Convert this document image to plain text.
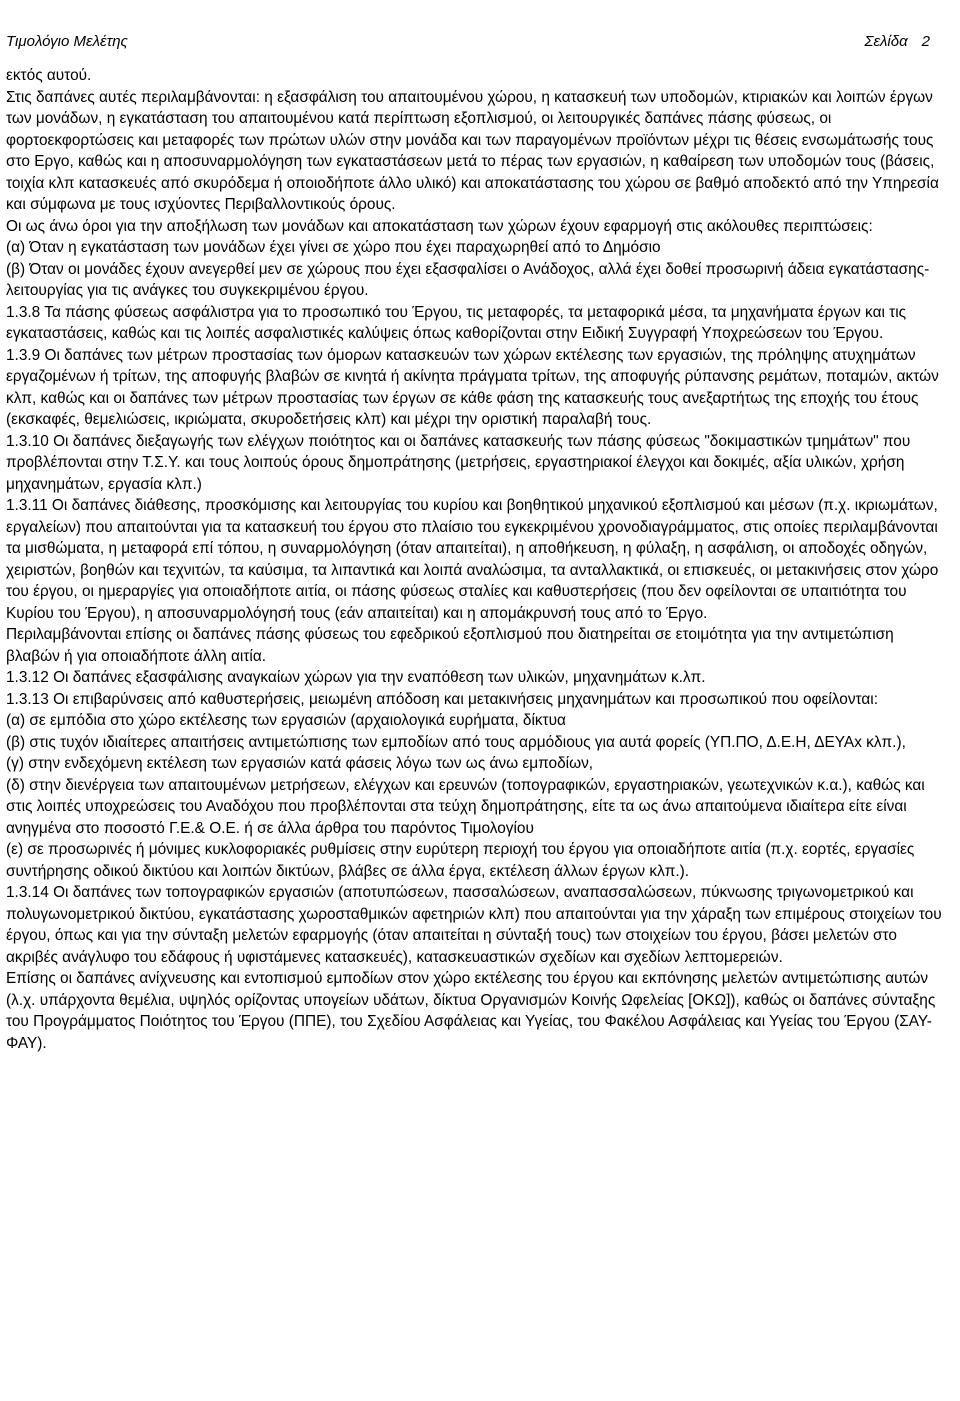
Τιμολόγιο Μελέτης	Σελίδα 2

εκτός αυτού.

Στις δαπάνες αυτές περιλαμβάνονται: η εξασφάλιση του απαιτουμένου χώρου, η κατασκευή των υποδομών, κτιριακών και λοιπών έργων των μονάδων, η εγκατάσταση του απαιτουμένου κατά περίπτωση εξοπλισμού, οι λειτουργικές δαπάνες πάσης φύσεως, οι φορτοεκφορτώσεις και μεταφορές των πρώτων υλών στην μονάδα και των παραγομένων προϊόντων μέχρι τις θέσεις ενσωμάτωσής τους στο Εργο, καθώς και η αποσυναρμολόγηση των εγκαταστάσεων μετά το πέρας των εργασιών, η καθαίρεση των υποδομών τους (βάσεις, τοιχία κλπ κατασκευές από σκυρόδεμα ή οποιοδήποτε άλλο υλικό) και αποκατάστασης του χώρου σε βαθμό αποδεκτό από την Υπηρεσία και σύμφωνα με τους ισχύοντες Περιβαλλοντικούς όρους.

Οι ως άνω όροι για την αποξήλωση των μονάδων και αποκατάσταση των χώρων έχουν εφαρμογή στις ακόλουθες περιπτώσεις:

(α) Όταν η εγκατάσταση των μονάδων έχει γίνει σε χώρο που έχει παραχωρηθεί από το Δημόσιο

(β) Όταν οι μονάδες έχουν ανεγερθεί μεν σε χώρους που έχει εξασφαλίσει ο Ανάδοχος, αλλά έχει δοθεί προσωρινή άδεια εγκατάστασης-λειτουργίας για τις ανάγκες του συγκεκριμένου έργου.

1.3.8 Τα πάσης φύσεως ασφάλιστρα για το προσωπικό του Έργου, τις μεταφορές, τα μεταφορικά μέσα, τα μηχανήματα έργων και τις εγκαταστάσεις, καθώς και τις λοιπές ασφαλιστικές καλύψεις όπως καθορίζονται στην Ειδική Συγγραφή Υποχρεώσεων του Έργου.

1.3.9 Οι δαπάνες των μέτρων προστασίας των όμορων κατασκευών των χώρων εκτέλεσης των εργασιών, της πρόληψης ατυχημάτων εργαζομένων ή τρίτων, της αποφυγής βλαβών σε κινητά ή ακίνητα πράγματα τρίτων, της αποφυγής ρύπανσης ρεμάτων, ποταμών, ακτών κλπ, καθώς και οι δαπάνες των μέτρων προστασίας των έργων σε κάθε φάση της κατασκευής τους ανεξαρτήτως της εποχής του έτους (εκσκαφές, θεμελιώσεις, ικριώματα, σκυροδετήσεις κλπ) και μέχρι την οριστική παραλαβή τους.

1.3.10 Οι δαπάνες διεξαγωγής των ελέγχων ποιότητος και οι δαπάνες κατασκευής των πάσης φύσεως "δοκιμαστικών τμημάτων" που προβλέπονται στην Τ.Σ.Υ. και τους λοιπούς όρους δημοπράτησης (μετρήσεις, εργαστηριακοί έλεγχοι και δοκιμές, αξία υλικών, χρήση μηχανημάτων, εργασία κλπ.)

1.3.11 Οι δαπάνες διάθεσης, προσκόμισης και λειτουργίας του κυρίου και βοηθητικού μηχανικού εξοπλισμού και μέσων (π.χ. ικριωμάτων, εργαλείων) που απαιτούνται για τα κατασκευή του έργου στο πλαίσιο του εγκεκριμένου χρονοδιαγράμματος, στις οποίες περιλαμβάνονται τα μισθώματα, η μεταφορά επί τόπου, η συναρμολόγηση (όταν απαιτείται), η αποθήκευση, η φύλαξη, η ασφάλιση, οι αποδοχές οδηγών, χειριστών, βοηθών και τεχνιτών, τα καύσιμα, τα λιπαντικά και λοιπά αναλώσιμα, τα ανταλλακτικά, οι επισκευές, οι μετακινήσεις στον χώρο του έργου, οι ημεραργίες για οποιαδήποτε αιτία, οι πάσης φύσεως σταλίες και καθυστερήσεις (που δεν οφείλονται σε υπαιτιότητα του Κυρίου του Έργου), η αποσυναρμολόγησή τους (εάν απαιτείται) και η απομάκρυνσή τους από το Έργο.

Περιλαμβάνονται επίσης οι δαπάνες πάσης φύσεως του εφεδρικού εξοπλισμού που διατηρείται σε ετοιμότητα για την αντιμετώπιση βλαβών ή για οποιαδήποτε άλλη αιτία.

1.3.12 Οι δαπάνες εξασφάλισης αναγκαίων χώρων για την εναπόθεση των υλικών, μηχανημάτων κ.λπ.

1.3.13 Οι επιβαρύνσεις από καθυστερήσεις, μειωμένη απόδοση και μετακινήσεις μηχανημάτων και προσωπικού που οφείλονται:

(α) σε εμπόδια στο χώρο εκτέλεσης των εργασιών (αρχαιολογικά ευρήματα, δίκτυα

(β) στις τυχόν ιδιαίτερες απαιτήσεις αντιμετώπισης των εμποδίων από τους αρμόδιους για αυτά φορείς (ΥΠ.ΠΟ, Δ.Ε.Η, ΔΕΥΑx κλπ.),

(γ) στην ενδεχόμενη εκτέλεση των εργασιών κατά φάσεις λόγω των ως άνω εμποδίων,

(δ) στην διενέργεια των απαιτουμένων μετρήσεων, ελέγχων και ερευνών (τοπογραφικών, εργαστηριακών, γεωτεχνικών κ.α.), καθώς και στις λοιπές υποχρεώσεις του Αναδόχου που προβλέπονται στα τεύχη δημοπράτησης, είτε τα ως άνω απαιτούμενα ιδιαίτερα είτε είναι ανηγμένα στο ποσοστό Γ.Ε.& Ο.Ε. ή σε άλλα άρθρα του παρόντος Τιμολογίου

(ε) σε προσωρινές ή μόνιμες κυκλοφοριακές ρυθμίσεις στην ευρύτερη περιοχή του έργου για οποιαδήποτε αιτία (π.χ. εορτές, εργασίες συντήρησης οδικού δικτύου και λοιπών δικτύων, βλάβες σε άλλα έργα, εκτέλεση άλλων έργων κλπ.).

1.3.14 Οι δαπάνες των τοπογραφικών εργασιών (αποτυπώσεων, πασσαλώσεων, αναπασσαλώσεων, πύκνωσης τριγωνομετρικού και πολυγωνομετρικού δικτύου, εγκατάστασης χωροσταθμικών αφετηριών κλπ) που απαιτούνται για την χάραξη των επιμέρους στοιχείων του έργου, όπως και για την σύνταξη μελετών εφαρμογής (όταν απαιτείται η σύνταξή τους) των στοιχείων του έργου, βάσει μελετών στο ακριβές ανάγλυφο του εδάφους ή υφιστάμενες κατασκευές), κατασκευαστικών σχεδίων και σχεδίων λεπτομερειών.

Επίσης οι δαπάνες ανίχνευσης και εντοπισμού εμποδίων στον χώρο εκτέλεσης του έργου και εκπόνησης μελετών αντιμετώπισης αυτών (λ.χ. υπάρχοντα θεμέλια, υψηλός ορίζοντας υπογείων υδάτων, δίκτυα Οργανισμών Κοινής Ωφελείας [ΟΚΩ]), καθώς οι δαπάνες σύνταξης του Προγράμματος Ποιότητος του Έργου (ΠΠΕ), του Σχεδίου Ασφάλειας και Υγείας, του Φακέλου Ασφάλειας και Υγείας του Έργου (ΣΑΥ-ΦΑΥ).
